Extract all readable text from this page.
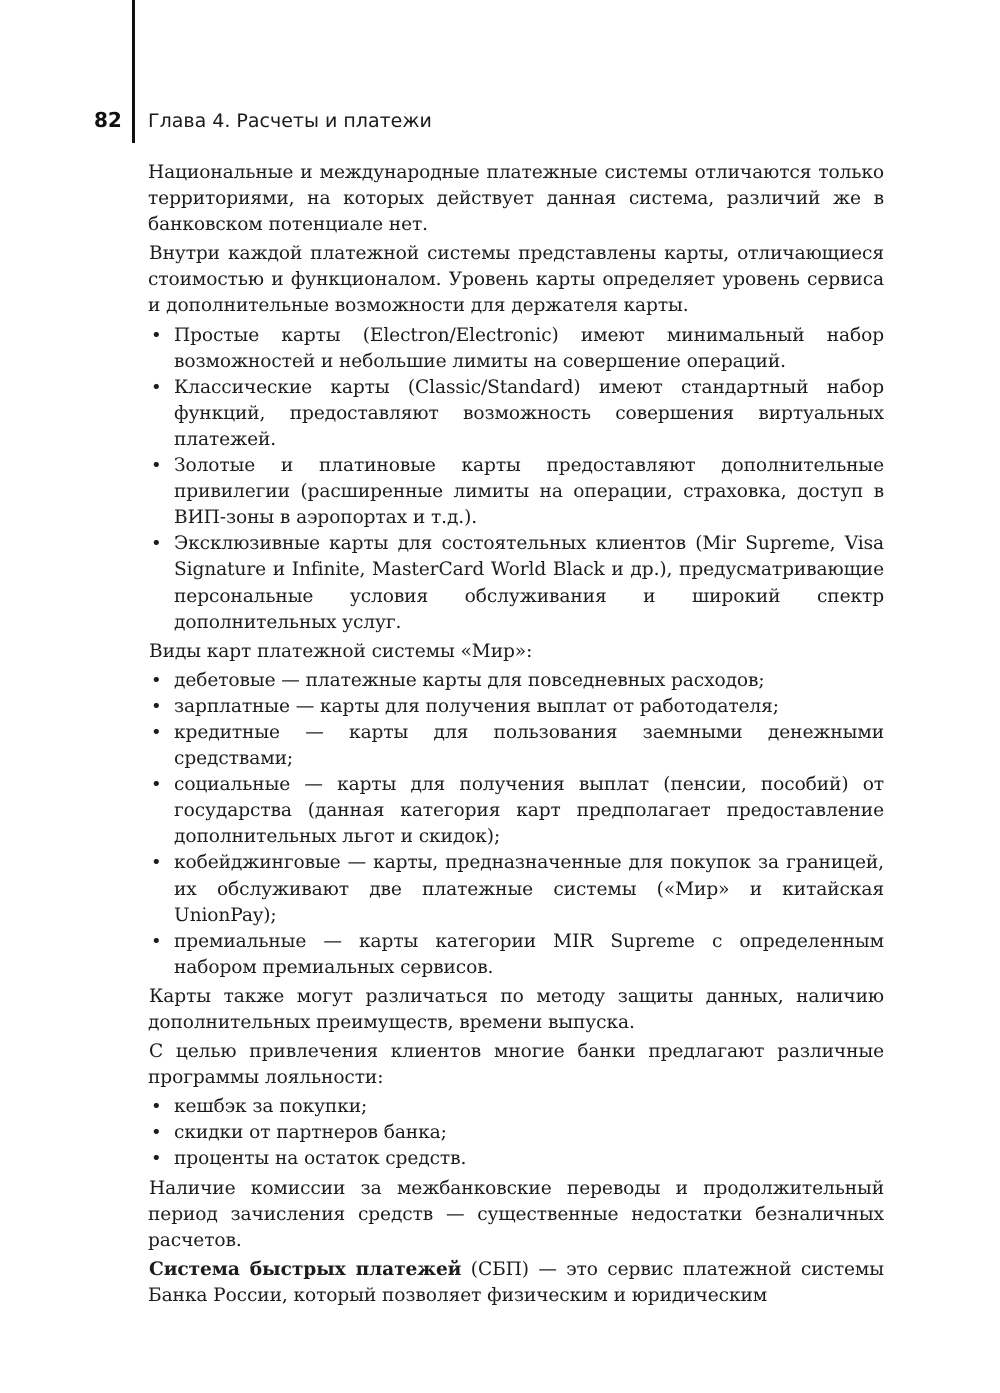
82 Глава 4. Расчеты и платежи

Национальные и международные платежные системы отличаются только территориями, на которых действует данная система, различий же в банковском потенциале нет.

Внутри каждой платежной системы представлены карты, отличающиеся стоимостью и функционалом. Уровень карты определяет уровень сервиса и дополнительные возможности для держателя карты.

• Простые карты (Electron/Electronic) имеют минимальный набор возможностей и небольшие лимиты на совершение операций.
• Классические карты (Classic/Standard) имеют стандартный набор функций, предоставляют возможность совершения виртуальных платежей.
• Золотые и платиновые карты предоставляют дополнительные привилегии (расширенные лимиты на операции, страховка, доступ в ВИП-зоны в аэропортах и т.д.).
• Эксклюзивные карты для состоятельных клиентов (Mir Supreme, Visa Signature и Infinite, MasterCard World Black и др.), предусматривающие персональные условия обслуживания и широкий спектр дополнительных услуг.

Виды карт платежной системы «Мир»:

• дебетовые — платежные карты для повседневных расходов;
• зарплатные — карты для получения выплат от работодателя;
• кредитные — карты для пользования заемными денежными средствами;
• социальные — карты для получения выплат (пенсии, пособий) от государства (данная категория карт предполагает предоставление дополнительных льгот и скидок);
• кобейджинговые — карты, предназначенные для покупок за границей, их обслуживают две платежные системы («Мир» и китайская UnionPay);
• премиальные — карты категории MIR Supreme с определенным набором премиальных сервисов.

Карты также могут различаться по методу защиты данных, наличию дополнительных преимуществ, времени выпуска.

С целью привлечения клиентов многие банки предлагают различные программы лояльности:

• кешбэк за покупки;
• скидки от партнеров банка;
• проценты на остаток средств.

Наличие комиссии за межбанковские переводы и продолжительный период зачисления средств — существенные недостатки безналичных расчетов.

Система быстрых платежей (СБП) — это сервис платежной системы Банка России, который позволяет физическим и юридическим
